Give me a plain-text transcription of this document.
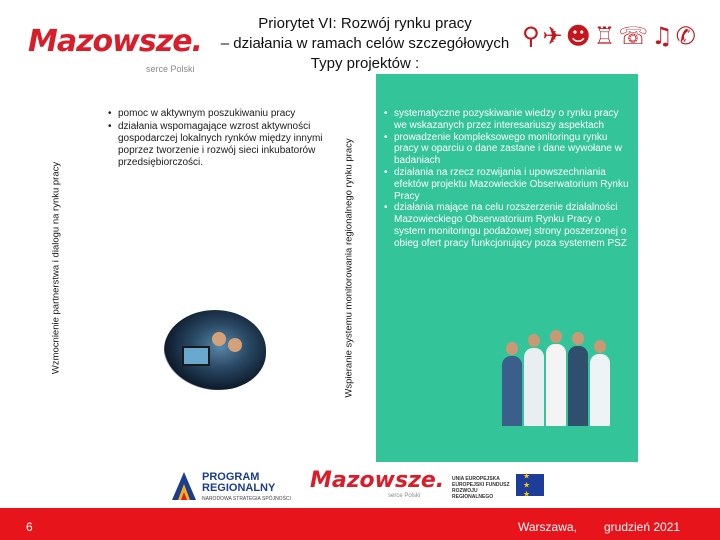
Mazowsze.
serce Polski
Priorytet VI: Rozwój rynku pracy
– działania w ramach celów szczegółowych
Typy projektów :
⚲✈☻♖☏♫✆
Wzmocnienie partnerstwa i dialogu na rynku pracy
• pomoc w aktywnym poszukiwaniu pracy
• działania wspomagające wzrost aktywności gospodarczej lokalnych rynków między innymi poprzez tworzenie i rozwój sieci inkubatorów przedsiębiorczości.	Wspieranie systemu monitorowania regionalnego rynku pracy
• systematyczne pozyskiwanie wiedzy o rynku pracy we wskazanych przez interesariuszy aspektach
• prowadzenie kompleksowego monitoringu rynku pracy w oparciu o dane zastane i dane wywołane w badaniach
• działania na rzecz rozwijania i upowszechniania efektów projektu Mazowieckie Obserwatorium Rynku Pracy
• działania mające na celu rozszerzenie działalności Mazowieckiego Obserwatorium Rynku Pracy o system monitoringu podażowej strony poszerzonej o obieg ofert pracy funkcjonujący poza systemem PSZ
PROGRAM
REGIONALNY
NARODOWA STRATEGIA SPÓJNOŚCI
Mazowsze.
serce Polski
UNIA EUROPEJSKA EUROPEJSKI FUNDUSZ ROZWOJU REGIONALNEGO
★ ★ ★
6	Warszawa, grudzień 2021
